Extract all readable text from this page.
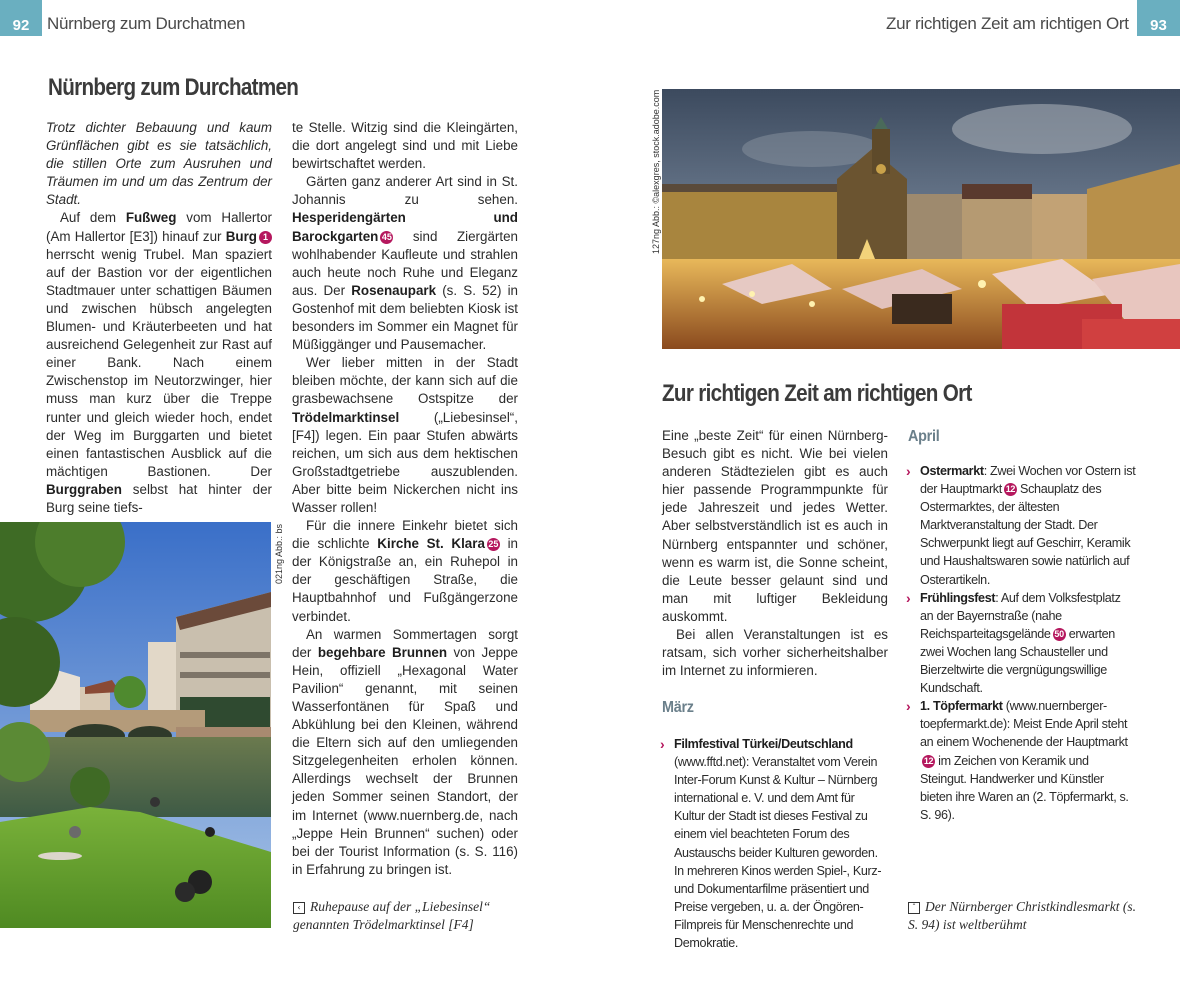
92 Nürnberg zum Durchatmen
Nürnberg zum Durchatmen

Trotz dichter Bebauung und kaum Grünflächen gibt es sie tatsächlich, die stillen Orte zum Ausruhen und Träumen im und um das Zentrum der Stadt.

Auf dem Fußweg vom Hallertor (Am Hallertor [E3]) hinauf zur Burg 1 herrscht wenig Trubel. Man spaziert auf der Bastion vor der eigentlichen Stadtmauer unter schattigen Bäumen und zwischen hübsch angelegten Blumen- und Kräuterbeeten und hat ausreichend Gelegenheit zur Rast auf einer Bank. Nach einem Zwischenstop im Neutorzwinger, hier muss man kurz über die Treppe runter und gleich wieder hoch, endet der Weg im Burggarten und bietet einen fantastischen Ausblick auf die mächtigen Bastionen. Der Burggraben selbst hat hinter der Burg seine tiefs-

te Stelle. Witzig sind die Kleingärten, die dort angelegt sind und mit Liebe bewirtschaftet werden.

Gärten ganz anderer Art sind in St. Johannis zu sehen. Hesperidengärten und Barockgarten 45 sind Ziergärten wohlhabender Kaufleute und strahlen auch heute noch Ruhe und Eleganz aus. Der Rosenaupark (s. S. 52) in Gostenhof mit dem beliebten Kiosk ist besonders im Sommer ein Magnet für Müßiggänger und Pausemacher.

Wer lieber mitten in der Stadt bleiben möchte, der kann sich auf die grasbewachsene Ostspitze der Trödelmarktinsel („Liebesinsel“, [F4]) legen. Ein paar Stufen abwärts reichen, um sich aus dem hektischen Großstadtgetriebe auszublenden. Aber bitte beim Nickerchen nicht ins Wasser rollen!

Für die innere Einkehr bietet sich die schlichte Kirche St. Klara 25 in der Königstraße an, ein Ruhepol in der geschäftigen Straße, die Hauptbahnhof und Fußgängerzone verbindet.

An warmen Sommertagen sorgt der begehbare Brunnen von Jeppe Hein, offiziell „Hexagonal Water Pavilion“ genannt, mit seinen Wasserfontänen für Spaß und Abkühlung bei den Kleinen, während die Eltern sich auf den umliegenden Sitzgelegenheiten erholen können. Allerdings wechselt der Brunnen jeden Sommer seinen Standort, der im Internet (www.nuernberg.de, nach „Jeppe Hein Brunnen“ suchen) oder bei der Tourist Information (s. S. 116) in Erfahrung zu bringen ist.

021ng Abb.: bs
‹ Ruhepause auf der „Liebesinsel“ genannten Trödelmarktinsel [F4]
Zur richtigen Zeit am richtigen Ort 93
127ng Abb.: ©alexgres, stock.adobe.com
Zur richtigen Zeit am richtigen Ort

Eine „beste Zeit“ für einen Nürnberg-Besuch gibt es nicht. Wie bei vielen anderen Städtezielen gibt es auch hier passende Programmpunkte für jede Jahreszeit und jedes Wetter. Aber selbstverständlich ist es auch in Nürnberg entspannter und schöner, wenn es warm ist, die Sonne scheint, die Leute besser gelaunt sind und man mit luftiger Bekleidung auskommt.

Bei allen Veranstaltungen ist es ratsam, sich vorher sicherheitshalber im Internet zu informieren.

März

› Filmfestival Türkei/Deutschland (www.fftd.net): Veranstaltet vom Verein Inter-Forum Kunst & Kultur – Nürnberg international e. V. und dem Amt für Kultur der Stadt ist dieses Festival zu einem viel beachteten Forum des Austauschs beider Kulturen geworden. In mehreren Kinos werden Spiel-, Kurz- und Dokumentarfilme präsentiert und Preise vergeben, u. a. der Öngören-Filmpreis für Menschenrechte und Demokratie.

April

› Ostermarkt: Zwei Wochen vor Ostern ist der Hauptmarkt 12 Schauplatz des Ostermarktes, der ältesten Marktveranstaltung der Stadt. Der Schwerpunkt liegt auf Geschirr, Keramik und Haushaltswaren sowie natürlich auf Osterartikeln.

› Frühlingsfest: Auf dem Volksfestplatz an der Bayernstraße (nahe Reichsparteitagsgelände 50 erwarten zwei Wochen lang Schausteller und Bierzeltwirte die vergnügungswillige Kundschaft.

› 1. Töpfermarkt (www.nuernberger-toepfermarkt.de): Meist Ende April steht an einem Wochenende der Hauptmarkt12 im Zeichen von Keramik und Steingut. Handwerker und Künstler bieten ihre Waren an (2. Töpfermarkt, s. S. 96).

ˆ Der Nürnberger Christkindlesmarkt (s. S. 94) ist weltberühmt
